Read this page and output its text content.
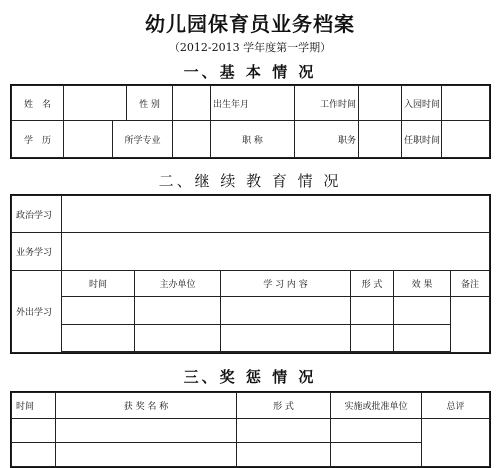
幼儿园保育员业务档案
（2012-2013 学年度第一学期）
一、基 本 情 况
姓　名			性 别		出生年月	工作时间		入园时间	
学　历		所学专业			职 称	职务		任职时间	
二、继 续 教 育 情 况
政治学习						
业务学习						
外出学习	时间	主办单位	学 习 内 容	形 式	效 果	备注

三、奖 惩 情 况
时间	获 奖 名 称	形 式	实施或批准单位	总评
